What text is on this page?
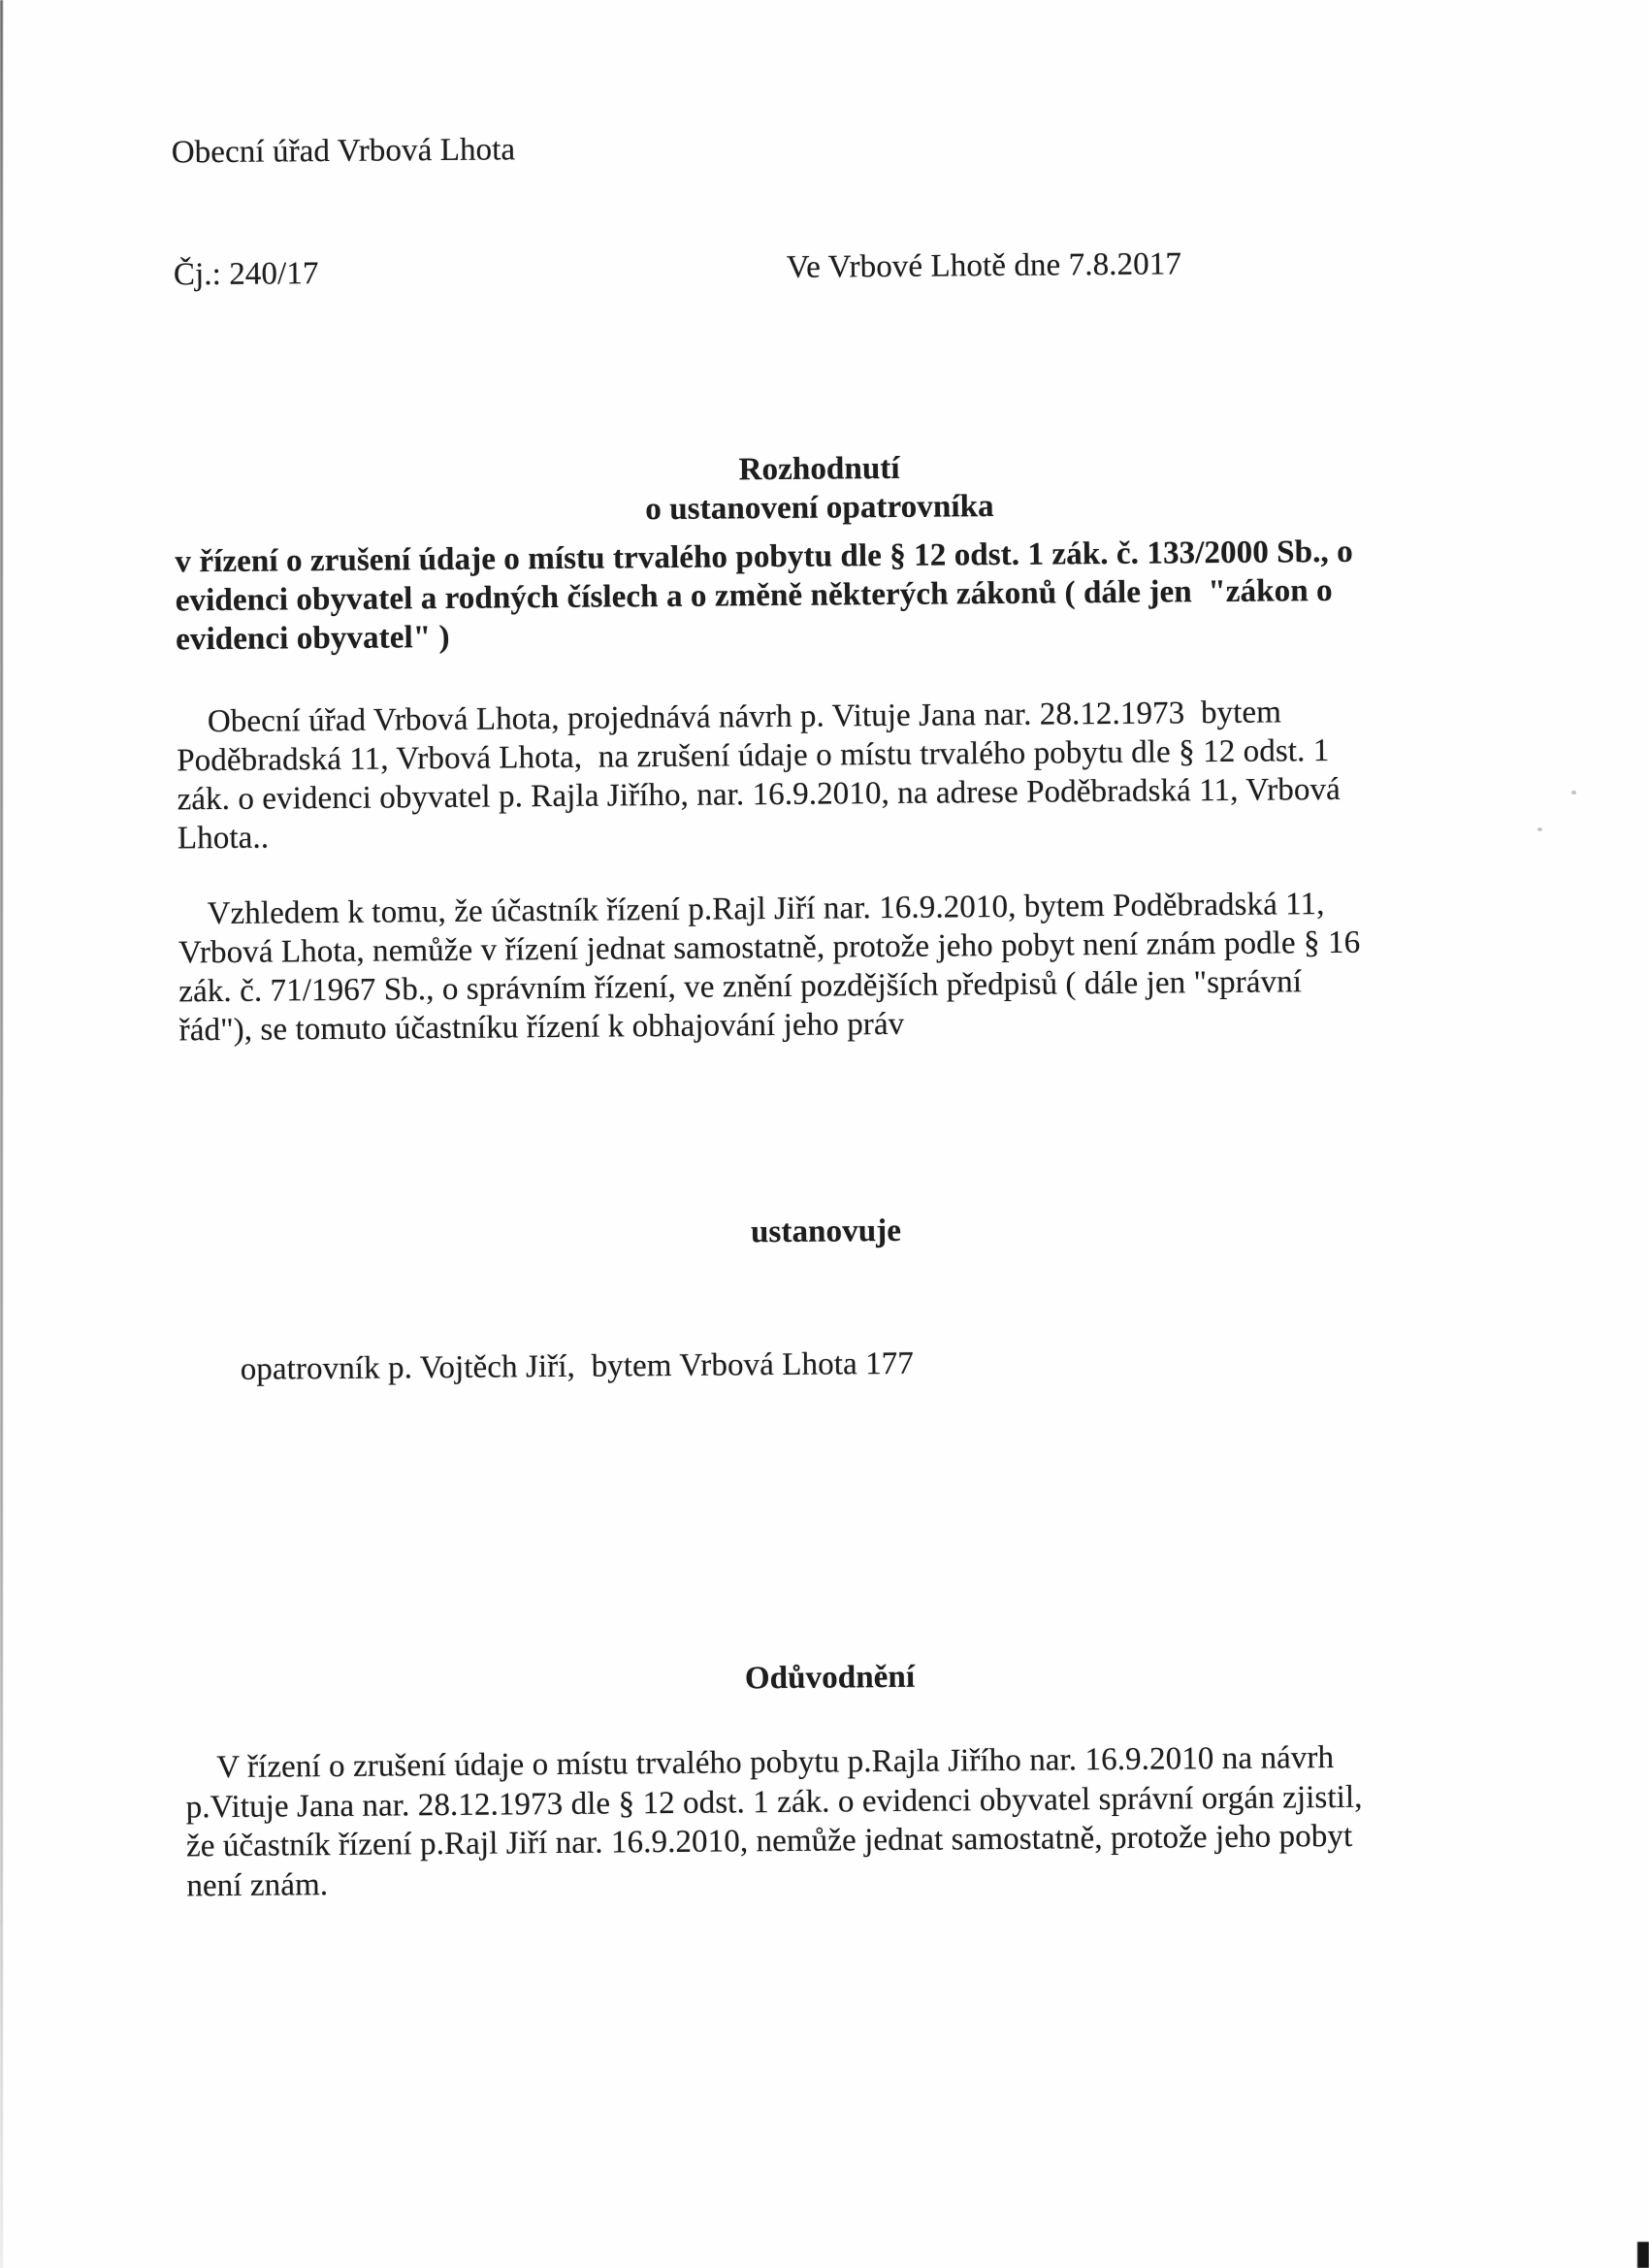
Obecní úřad Vrbová Lhota
Čj.: 240/17	Ve Vrbové Lhotě dne 7.8.2017
Rozhodnutí
o ustanovení opatrovníka
v řízení o zrušení údaje o místu trvalého pobytu dle § 12 odst. 1 zák. č. 133/2000 Sb., o
evidenci obyvatel a rodných číslech a o změně některých zákonů ( dále jen  "zákon o
evidenci obyvatel" )
Obecní úřad Vrbová Lhota, projednává návrh p. Vituje Jana nar. 28.12.1973  bytem
Poděbradská 11, Vrbová Lhota,  na zrušení údaje o místu trvalého pobytu dle § 12 odst. 1
zák. o evidenci obyvatel p. Rajla Jiřího, nar. 16.9.2010, na adrese Poděbradská 11, Vrbová
Lhota..
Vzhledem k tomu, že účastník řízení p.Rajl Jiří nar. 16.9.2010, bytem Poděbradská 11,
Vrbová Lhota, nemůže v řízení jednat samostatně, protože jeho pobyt není znám podle § 16
zák. č. 71/1967 Sb., o správním řízení, ve znění pozdějších předpisů ( dále jen "správní
řád"), se tomuto účastníku řízení k obhajování jeho práv
ustanovuje
opatrovník p. Vojtěch Jiří,  bytem Vrbová Lhota 177
Odůvodnění
V řízení o zrušení údaje o místu trvalého pobytu p.Rajla Jiřího nar. 16.9.2010 na návrh
p.Vituje Jana nar. 28.12.1973 dle § 12 odst. 1 zák. o evidenci obyvatel správní orgán zjistil,
že účastník řízení p.Rajl Jiří nar. 16.9.2010, nemůže jednat samostatně, protože jeho pobyt
není znám.
